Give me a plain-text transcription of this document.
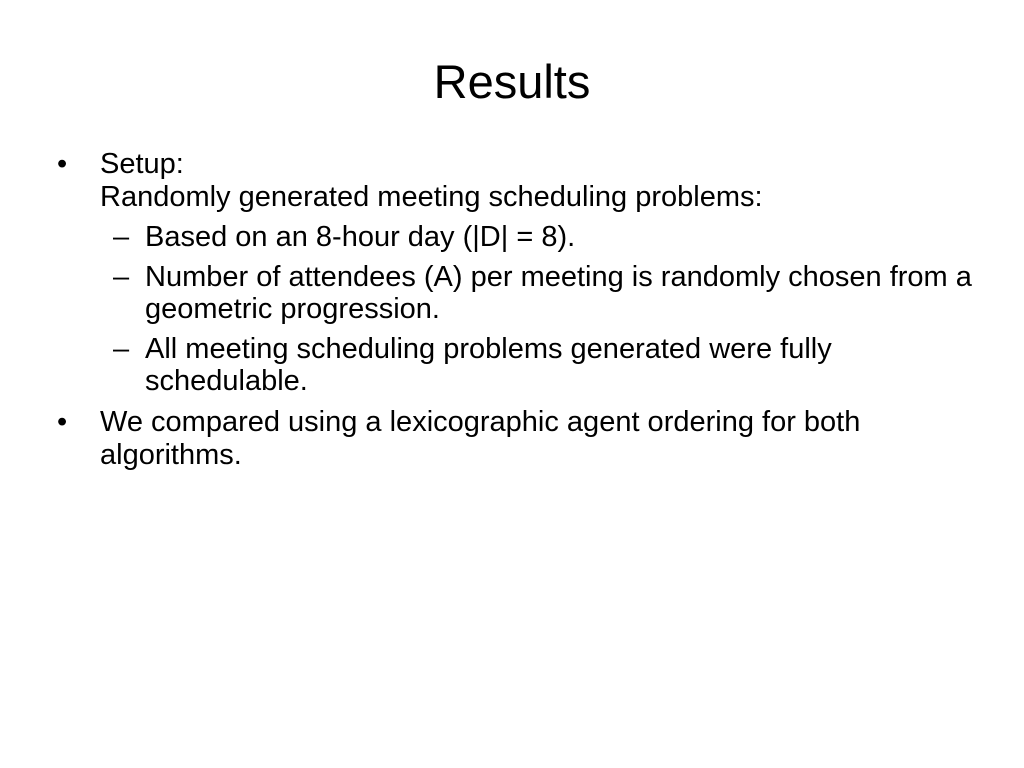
Results
• Setup:
Randomly generated meeting scheduling problems:
– Based on an 8-hour day (|D| = 8).
– Number of attendees (A) per meeting is randomly chosen from a geometric progression.
– All meeting scheduling problems generated were fully schedulable.
• We compared using a lexicographic agent ordering for both algorithms.
